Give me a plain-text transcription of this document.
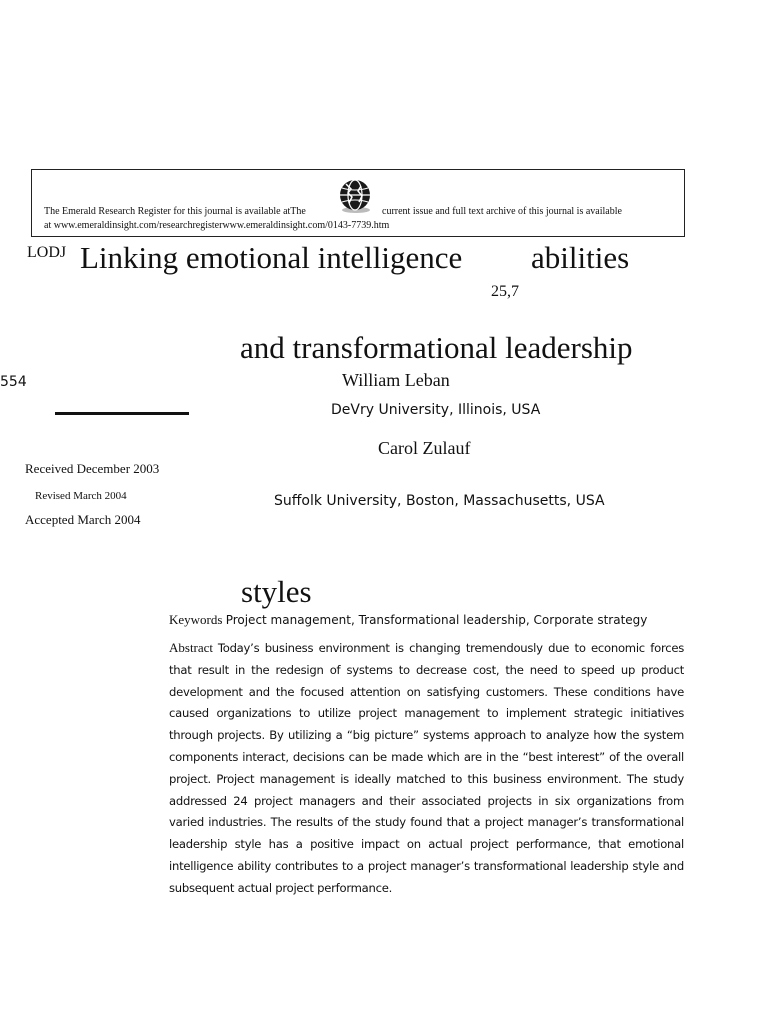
The Emerald Research Register for this journal is available atThe	current issue and full text archive of this journal is available
at www.emeraldinsight.com/researchregisterwww.emeraldinsight.com/0143-7739.htm
LODJ Linking emotional intelligence abilities
25,7
and transformational leadership
554	William Leban
DeVry University, Illinois, USA
Carol Zulauf
Received December 2003
Revised March 2004	Suffolk University, Boston, Massachusetts, USA
Accepted March 2004
styles
Keywords Project management, Transformational leadership, Corporate strategy
Abstract Today’s business environment is changing tremendously due to economic forces that result in the redesign of systems to decrease cost, the need to speed up product development and the focused attention on satisfying customers. These conditions have caused organizations to utilize project management to implement strategic initiatives through projects. By utilizing a “big picture” systems approach to analyze how the system components interact, decisions can be made which are in the “best interest” of the overall project. Project management is ideally matched to this business environment. The study addressed 24 project managers and their associated projects in six organizations from varied industries. The results of the study found that a project manager’s transformational leadership style has a positive impact on actual project performance, that emotional intelligence ability contributes to a project manager’s transformational leadership style and subsequent actual project performance.
